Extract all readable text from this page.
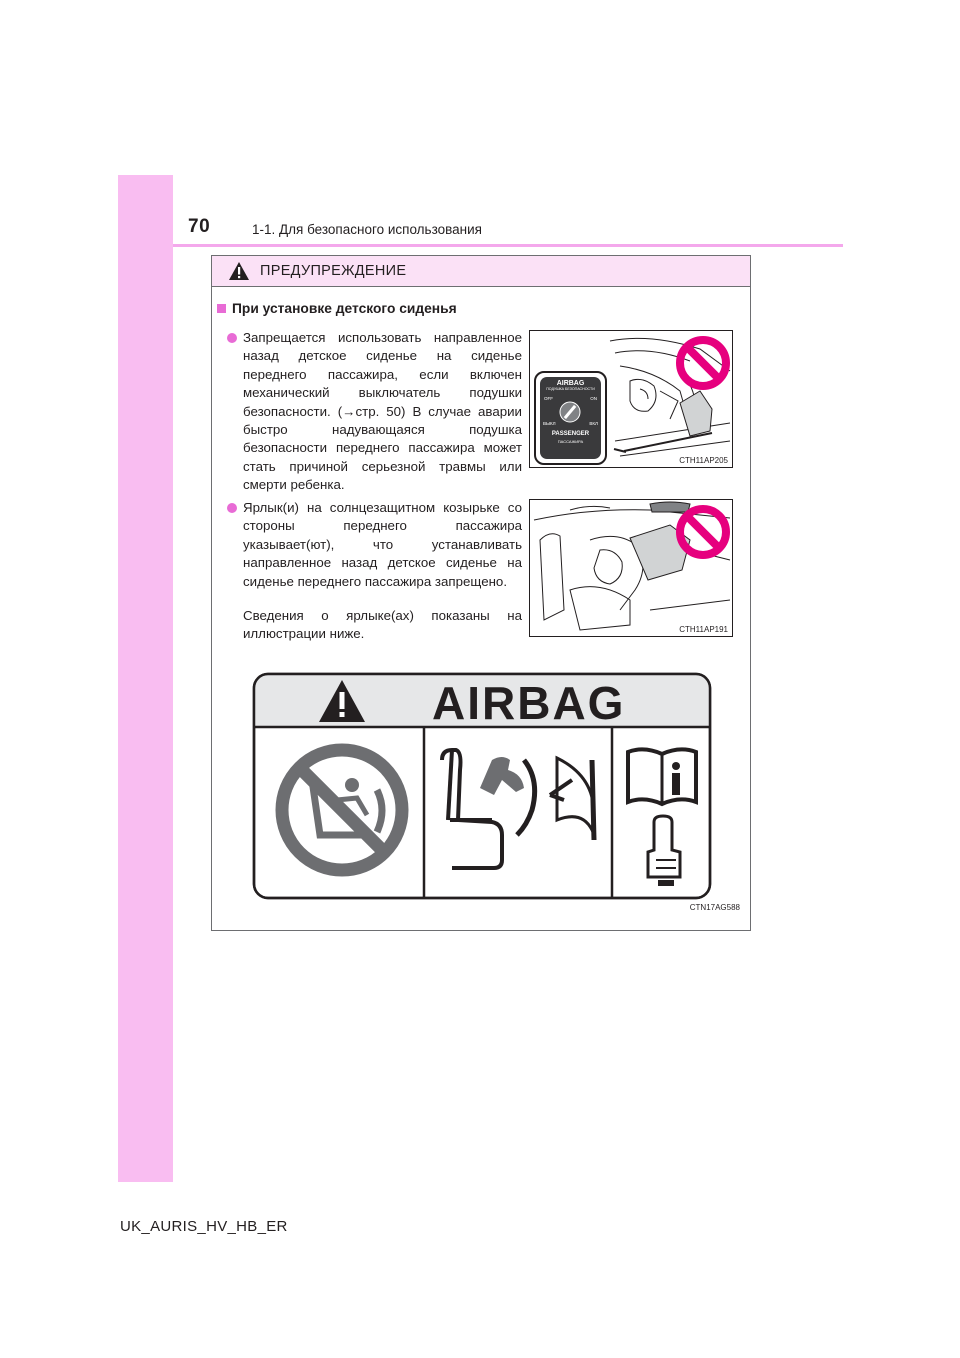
70	1-1. Для безопасного использования
ПРЕДУПРЕЖДЕНИЕ
При установке детского сиденья

Запрещается использовать направленное назад детское сиденье на сиденье переднего пассажира, если включен механический выключатель подушки безопасности. (→стр. 50) В случае аварии быстро надувающаяся подушка безопасности переднего пассажира может стать причиной серьезной травмы или смерти ребенка.

Ярлык(и) на солнцезащитном козырьке со стороны переднего пассажира указывает(ют), что устанавливать направленное назад детское сиденье на сиденье переднего пассажира запрещено.

Сведения о ярлыке(ах) показаны на иллюстрации ниже.
AIRBAG
ПОДУШКА БЕЗОПАСНОСТИ
OFF	ON
ВЫКЛ	ВКЛ
PASSENGER
ПАССАЖИРА
CTH11AP205
CTH11AP191
AIRBAG
CTN17AG588
UK_AURIS_HV_HB_ER
